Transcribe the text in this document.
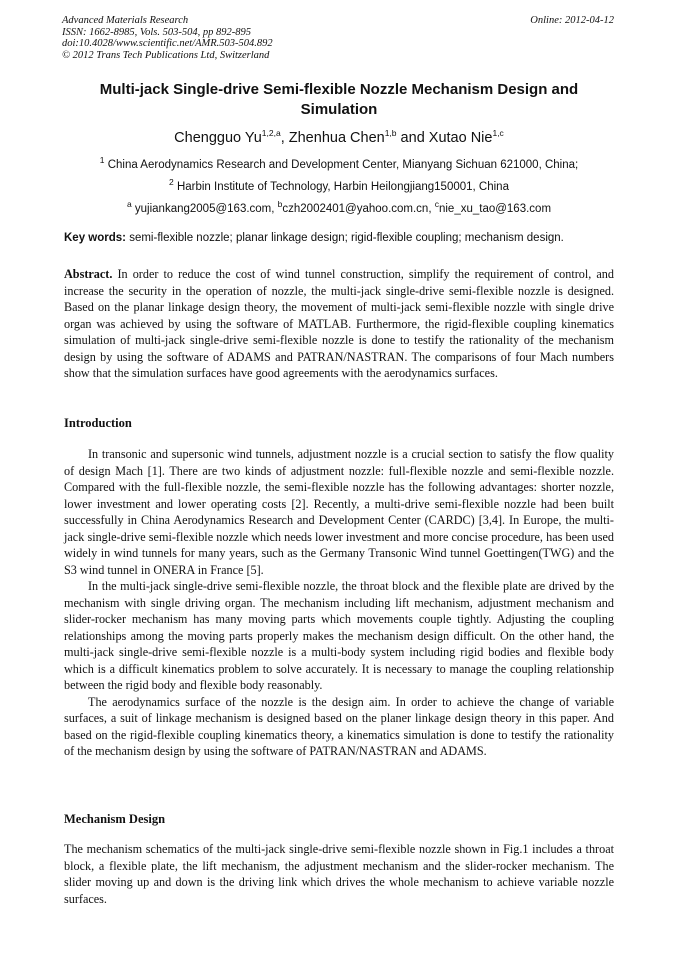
Advanced Materials Research
ISSN: 1662-8985, Vols. 503-504, pp 892-895
doi:10.4028/www.scientific.net/AMR.503-504.892
© 2012 Trans Tech Publications Ltd, Switzerland
Online: 2012-04-12
Multi-jack Single-drive Semi-flexible Nozzle Mechanism Design and
Simulation
Chengguo Yu$^{1,2,a}$, Zhenhua Chen$^{1,b}$ and Xutao Nie$^{1,c}$
$^1$ China Aerodynamics Research and Development Center, Mianyang Sichuan 621000, China;
$^2$ Harbin Institute of Technology, Harbin Heilongjiang150001, China
$^a$ yujiankang2005@163.com, $^b$czh2002401@yahoo.com.cn, $^c$nie_xu_tao@163.com
Key words: semi-flexible nozzle; planar linkage design; rigid-flexible coupling; mechanism design.

Abstract. In order to reduce the cost of wind tunnel construction, simplify the requirement of control, and increase the security in the operation of nozzle, the multi-jack single-drive semi-flexible nozzle is designed. Based on the planar linkage design theory, the movement of multi-jack semi-flexible nozzle with single drive organ was achieved by using the software of MATLAB. Furthermore, the rigid-flexible coupling kinematics simulation of multi-jack single-drive semi-flexible nozzle is done to testify the rationality of the mechanism design by using the software of ADAMS and PATRAN/NASTRAN. The comparisons of four Mach numbers show that the simulation surfaces have good agreements with the aerodynamics surfaces.

Introduction

In transonic and supersonic wind tunnels, adjustment nozzle is a crucial section to satisfy the flow quality of design Mach [1]. There are two kinds of adjustment nozzle: full-flexible nozzle and semi-flexible nozzle. Compared with the full-flexible nozzle, the semi-flexible nozzle has the following advantages: shorter nozzle, lower investment and lower operating costs [2]. Recently, a multi-drive semi-flexible nozzle had been built successfully in China Aerodynamics Research and Development Center (CARDC) [3,4]. In Europe, the multi-jack single-drive semi-flexible nozzle which needs lower investment and more concise procedure, has been used widely in wind tunnels for many years, such as the Germany Transonic Wind tunnel Goettingen(TWG) and the S3 wind tunnel in ONERA in France [5].

In the multi-jack single-drive semi-flexible nozzle, the throat block and the flexible plate are drived by the mechanism with single driving organ. The mechanism including lift mechanism, adjustment mechanism and slider-rocker mechanism has many moving parts which movements couple tightly. Adjusting the coupling relationships among the moving parts properly makes the mechanism design difficult. On the other hand, the multi-jack single-drive semi-flexible nozzle is a multi-body system including rigid bodies and flexible body which is a difficult kinematics problem to solve accurately. It is necessary to manage the coupling relationship between the rigid body and flexible body reasonably.

The aerodynamics surface of the nozzle is the design aim. In order to achieve the change of variable surfaces, a suit of linkage mechanism is designed based on the planer linkage design theory in this paper. And based on the rigid-flexible coupling kinematics theory, a kinematics simulation is done to testify the rationality of the mechanism design by using the software of PATRAN/NASTRAN and ADAMS.

Mechanism Design

The mechanism schematics of the multi-jack single-drive semi-flexible nozzle shown in Fig.1 includes a throat block, a flexible plate, the lift mechanism, the adjustment mechanism and the slider-rocker mechanism. The slider moving up and down is the driving link which drives the whole mechanism to achieve variable nozzle surfaces.
